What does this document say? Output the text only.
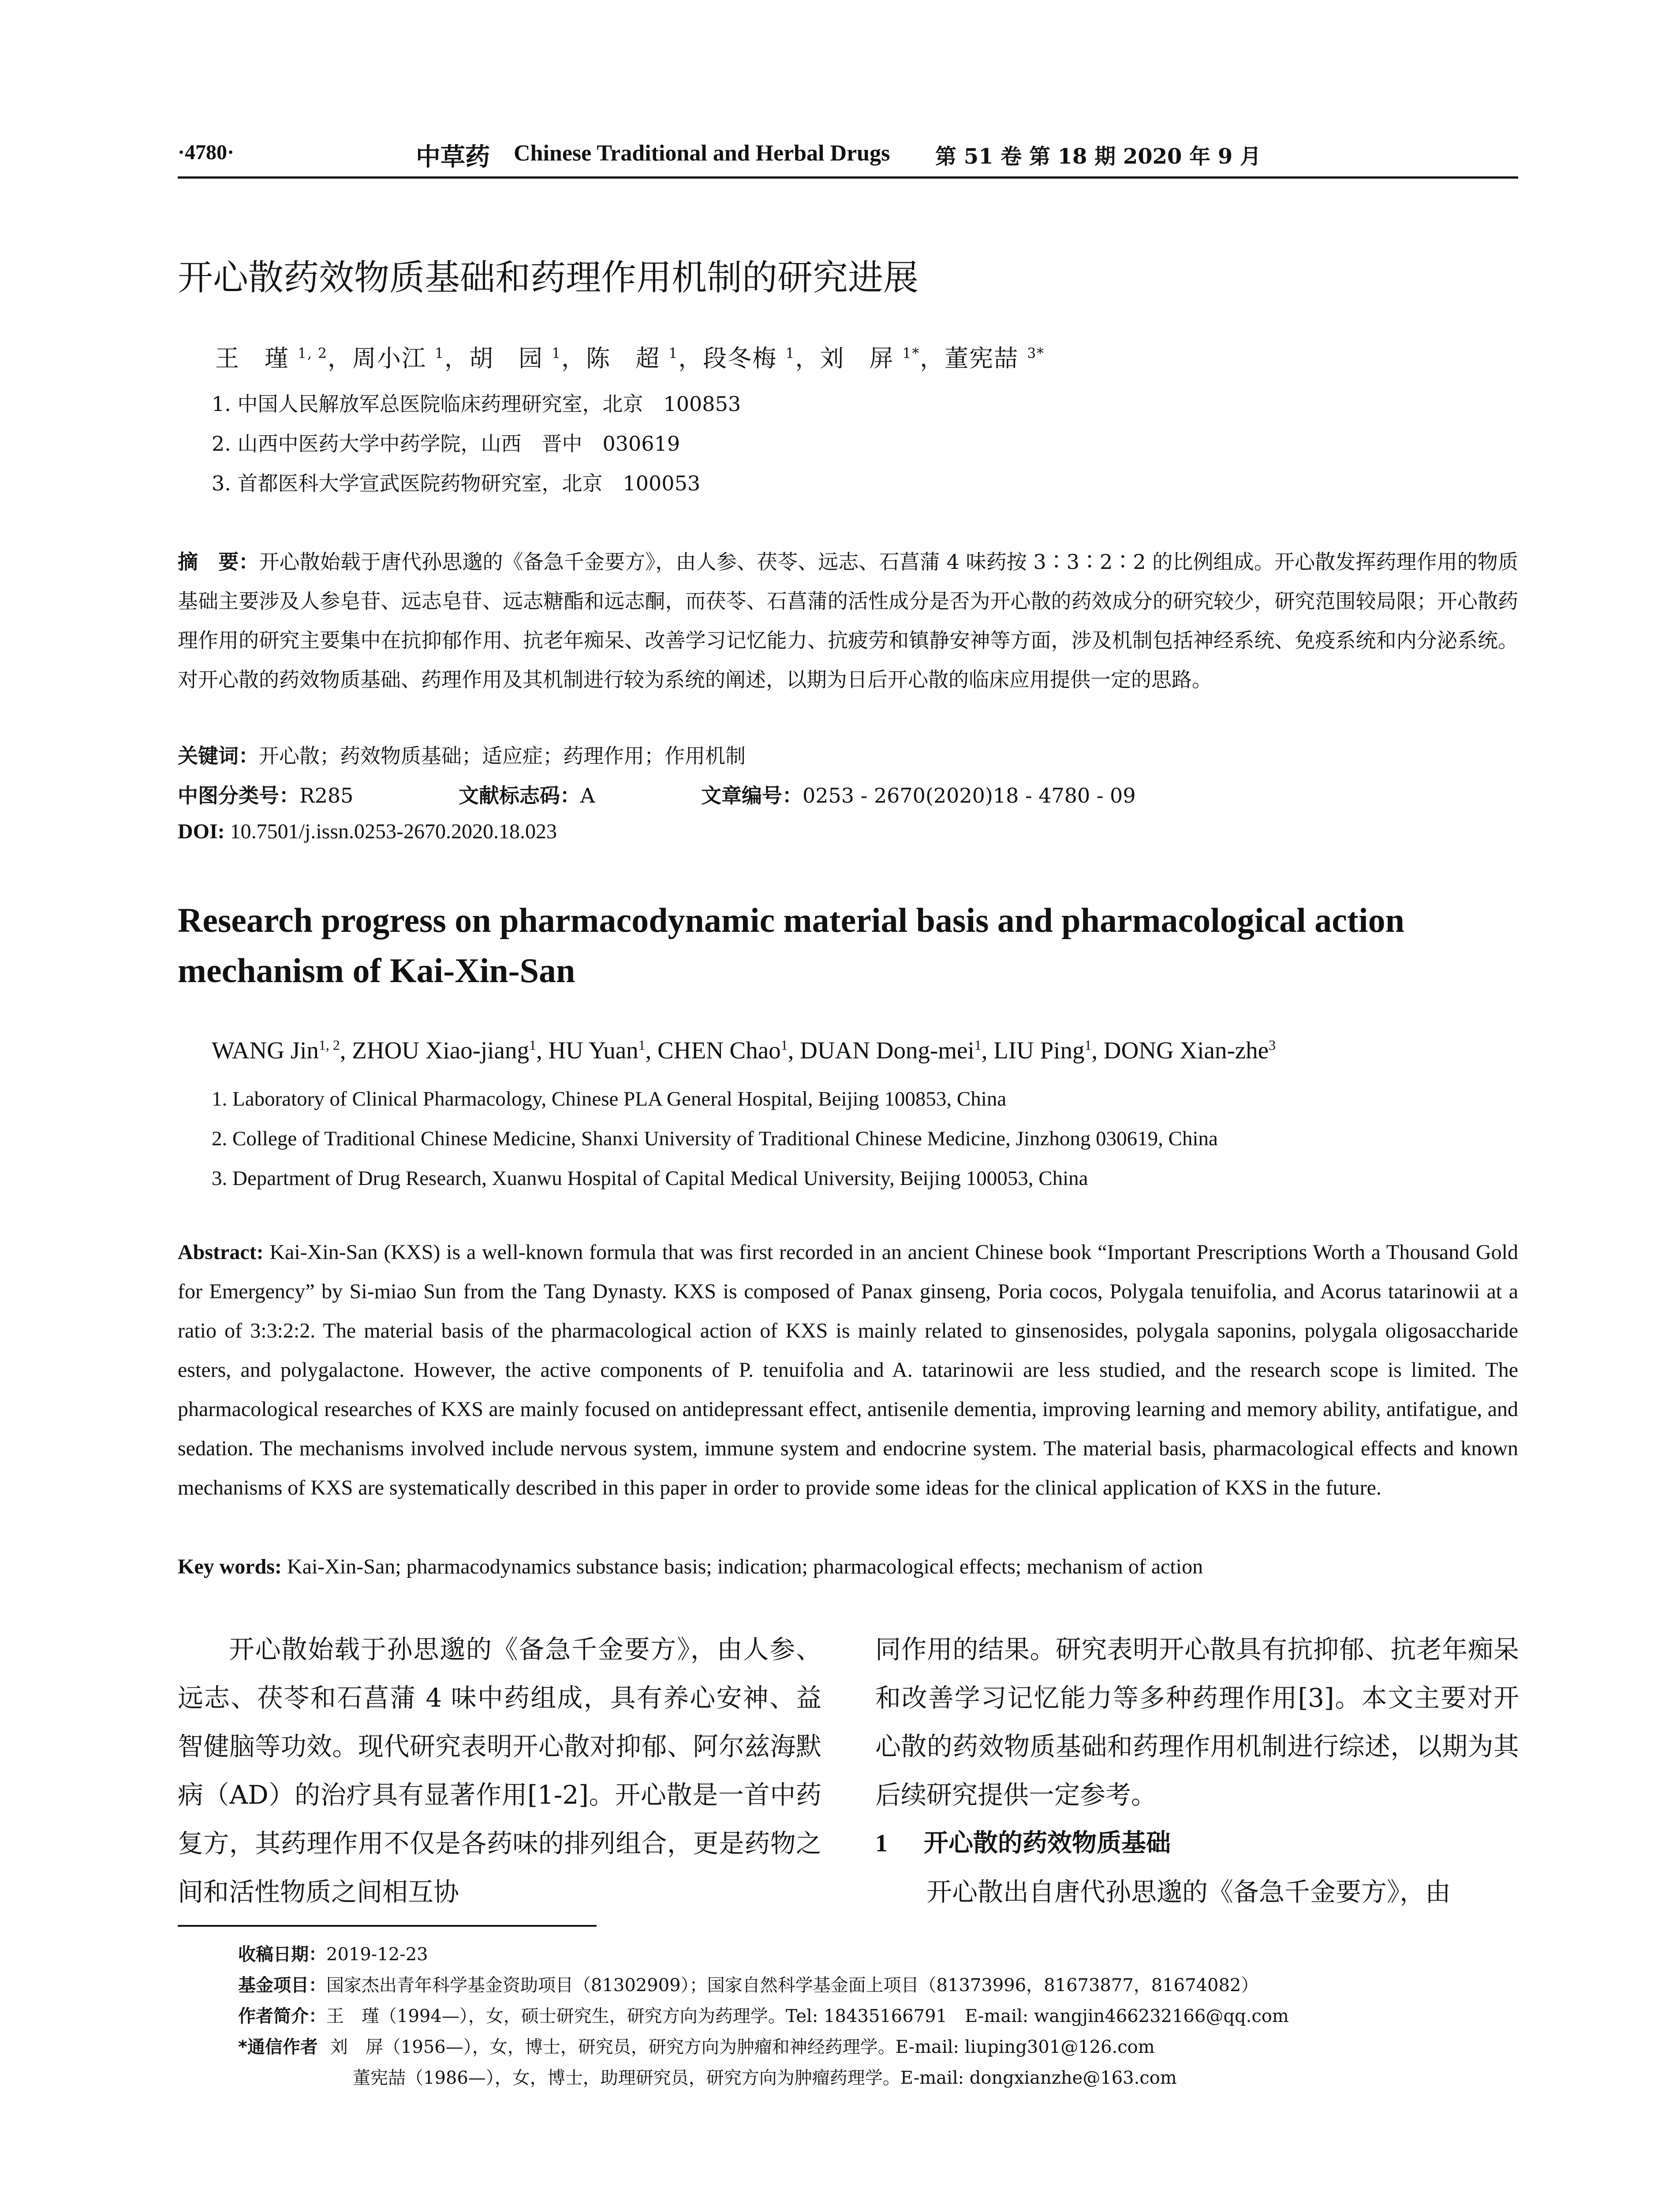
·4780·	中草药 Chinese Traditional and Herbal Drugs 第 51 卷 第 18 期 2020 年 9 月
开心散药效物质基础和药理作用机制的研究进展
王　瑾 $^{1, 2}$，周小江 $^1$，胡　园 $^1$，陈　超 $^1$，段冬梅 $^1$，刘　屏 $^{1*}$，董宪喆 $^{3*}$
1. 中国人民解放军总医院临床药理研究室，北京　100853
2. 山西中医药大学中药学院，山西　晋中　030619
3. 首都医科大学宣武医院药物研究室，北京　100053
摘　要：开心散始载于唐代孙思邈的《备急千金要方》，由人参、茯苓、远志、石菖蒲 4 味药按 3∶3∶2∶2 的比例组成。开心散发挥药理作用的物质基础主要涉及人参皂苷、远志皂苷、远志糖酯和远志酮，而茯苓、石菖蒲的活性成分是否为开心散的药效成分的研究较少，研究范围较局限；开心散药理作用的研究主要集中在抗抑郁作用、抗老年痴呆、改善学习记忆能力、抗疲劳和镇静安神等方面，涉及机制包括神经系统、免疫系统和内分泌系统。对开心散的药效物质基础、药理作用及其机制进行较为系统的阐述，以期为日后开心散的临床应用提供一定的思路。
关键词：开心散；药效物质基础；适应症；药理作用；作用机制
中图分类号：R285	文献标志码：A	文章编号：0253 - 2670(2020)18 - 4780 - 09
DOI: 10.7501/j.issn.0253-2670.2020.18.023
Research progress on pharmacodynamic material basis and pharmacological action mechanism of Kai-Xin-San
WANG Jin$^{1, 2}$, ZHOU Xiao-jiang$^1$, HU Yuan$^1$, CHEN Chao$^1$, DUAN Dong-mei$^1$, LIU Ping$^1$, DONG Xian-zhe$^3$
1. Laboratory of Clinical Pharmacology, Chinese PLA General Hospital, Beijing 100853, China
2. College of Traditional Chinese Medicine, Shanxi University of Traditional Chinese Medicine, Jinzhong 030619, China
3. Department of Drug Research, Xuanwu Hospital of Capital Medical University, Beijing 100053, China
Abstract: Kai-Xin-San (KXS) is a well-known formula that was first recorded in an ancient Chinese book “Important Prescriptions Worth a Thousand Gold for Emergency” by Si-miao Sun from the Tang Dynasty. KXS is composed of Panax ginseng, Poria cocos, Polygala tenuifolia, and Acorus tatarinowii at a ratio of 3:3:2:2. The material basis of the pharmacological action of KXS is mainly related to ginsenosides, polygala saponins, polygala oligosaccharide esters, and polygalactone. However, the active components of P. tenuifolia and A. tatarinowii are less studied, and the research scope is limited. The pharmacological researches of KXS are mainly focused on antidepressant effect, antisenile dementia, improving learning and memory ability, antifatigue, and sedation. The mechanisms involved include nervous system, immune system and endocrine system. The material basis, pharmacological effects and known mechanisms of KXS are systematically described in this paper in order to provide some ideas for the clinical application of KXS in the future.
Key words: Kai-Xin-San; pharmacodynamics substance basis; indication; pharmacological effects; mechanism of action

开心散始载于孙思邈的《备急千金要方》，由人参、远志、茯苓和石菖蒲 4 味中药组成，具有养心安神、益智健脑等功效。现代研究表明开心散对抑郁、阿尔兹海默病（AD）的治疗具有显著作用[1-2]。开心散是一首中药复方，其药理作用不仅是各药味的排列组合，更是药物之间和活性物质之间相互协

同作用的结果。研究表明开心散具有抗抑郁、抗老年痴呆和改善学习记忆能力等多种药理作用[3]。本文主要对开心散的药效物质基础和药理作用机制进行综述，以期为其后续研究提供一定参考。

1 开心散的药效物质基础

开心散出自唐代孙思邈的《备急千金要方》，由

收稿日期：2019-12-23
基金项目：国家杰出青年科学基金资助项目（81302909）；国家自然科学基金面上项目（81373996，81673877，81674082）
作者简介：王　瑾（1994—），女，硕士研究生，研究方向为药理学。Tel: 18435166791　E-mail: wangjin466232166@qq.com
*通信作者 刘　屏（1956—），女，博士，研究员，研究方向为肿瘤和神经药理学。E-mail: liuping301@126.com
董宪喆（1986—），女，博士，助理研究员，研究方向为肿瘤药理学。E-mail: dongxianzhe@163.com
